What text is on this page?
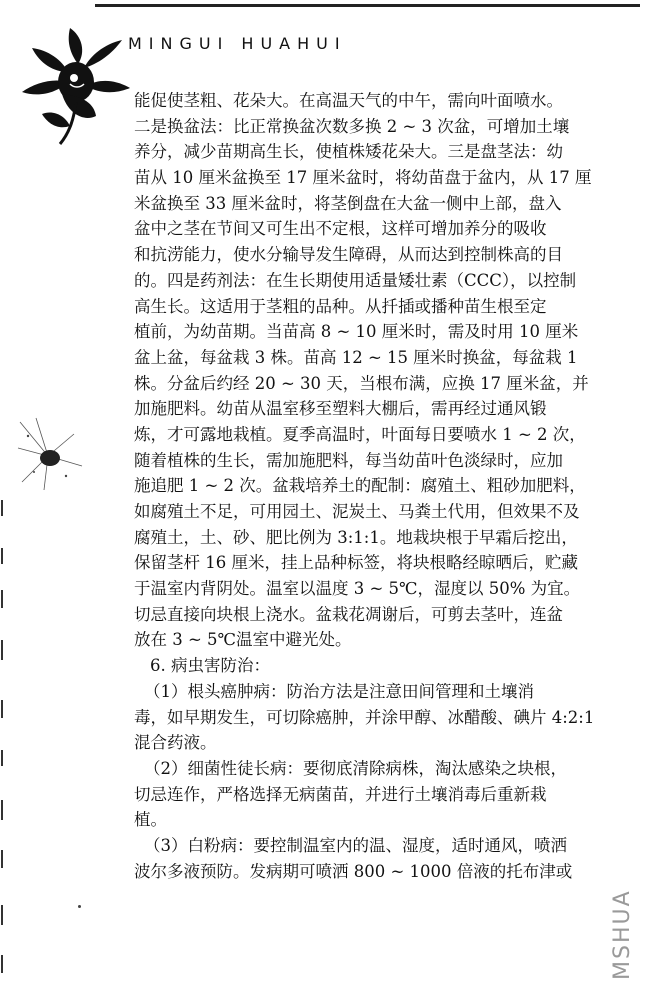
MINGUI HUAHUI
能促使茎粗、花朵大。在高温天气的中午，需向叶面喷水。
二是换盆法：比正常换盆次数多换 2 ~ 3 次盆，可增加土壤
养分，减少苗期高生长，使植株矮花朵大。三是盘茎法：幼
苗从 10 厘米盆换至 17 厘米盆时，将幼苗盘于盆内，从 17 厘
米盆换至 33 厘米盆时，将茎倒盘在大盆一侧中上部，盘入
盆中之茎在节间又可生出不定根，这样可增加养分的吸收
和抗涝能力，使水分输导发生障碍，从而达到控制株高的目
的。四是药剂法：在生长期使用适量矮壮素（CCC），以控制
高生长。这适用于茎粗的品种。从扦插或播种苗生根至定
植前，为幼苗期。当苗高 8 ~ 10 厘米时，需及时用 10 厘米
盆上盆，每盆栽 3 株。苗高 12 ~ 15 厘米时换盆，每盆栽 1
株。分盆后约经 20 ~ 30 天，当根布满，应换 17 厘米盆，并
加施肥料。幼苗从温室移至塑料大棚后，需再经过通风锻
炼，才可露地栽植。夏季高温时，叶面每日要喷水 1 ~ 2 次，
随着植株的生长，需加施肥料，每当幼苗叶色淡绿时，应加
施追肥 1 ~ 2 次。盆栽培养土的配制：腐殖土、粗砂加肥料，
如腐殖土不足，可用园土、泥炭土、马粪土代用，但效果不及
腐殖土，土、砂、肥比例为 3:1:1。地栽块根于早霜后挖出，
保留茎杆 16 厘米，挂上品种标签，将块根略经晾晒后，贮藏
于温室内背阴处。温室以温度 3 ~ 5℃，湿度以 50% 为宜。
切忌直接向块根上浇水。盆栽花凋谢后，可剪去茎叶，连盆
放在 3 ~ 5℃温室中避光处。
6. 病虫害防治：
（1）根头癌肿病：防治方法是注意田间管理和土壤消
毒，如早期发生，可切除癌肿，并涂甲醇、冰醋酸、碘片 4:2:1
混合药液。
（2）细菌性徒长病：要彻底清除病株，淘汰感染之块根，
切忌连作，严格选择无病菌苗，并进行土壤消毒后重新栽
植。
（3）白粉病：要控制温室内的温、湿度，适时通风，喷洒
波尔多液预防。发病期可喷洒 800 ~ 1000 倍液的托布津或
MSHUA
